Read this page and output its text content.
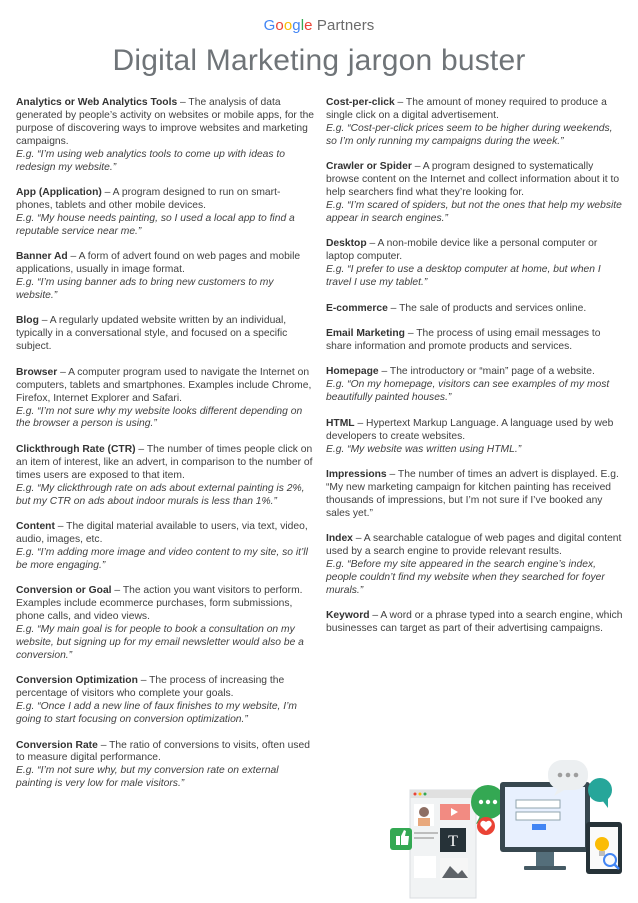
Google Partners
Digital Marketing jargon buster

Analytics or Web Analytics Tools – The analysis of data generated by people’s activity on websites or mobile apps, for the purpose of discovering ways to improve websites and marketing campaigns.
E.g. “I’m using web analytics tools to come up with ideas to redesign my website.”

App (Application) – A program designed to run on smart-phones, tablets and other mobile devices.
E.g. “My house needs painting, so I used a local app to find a reputable service near me.”

Banner Ad – A form of advert found on web pages and mobile applications, usually in image format.
E.g. “I’m using banner ads to bring new customers to my website.”

Blog – A regularly updated website written by an individual, typically in a conversational style, and focused on a specific subject.

Browser – A computer program used to navigate the Internet on computers, tablets and smartphones. Examples include Chrome, Firefox, Internet Explorer and Safari.
E.g. “I’m not sure why my website looks different depending on the browser a person is using.”

Clickthrough Rate (CTR) – The number of times people click on an item of interest, like an advert, in comparison to the number of times users are exposed to that item.
E.g. “My clickthrough rate on ads about external painting is 2%, but my CTR on ads about indoor murals is less than 1%.”

Content – The digital material available to users, via text, video, audio, images, etc.
E.g. “I’m adding more image and video content to my site, so it’ll be more engaging.”

Conversion or Goal – The action you want visitors to perform. Examples include ecommerce purchases, form submissions, phone calls, and video views.
E.g. “My main goal is for people to book a consultation on my website, but signing up for my email newsletter would also be a conversion.”

Conversion Optimization – The process of increasing the percentage of visitors who complete your goals.
E.g. “Once I add a new line of faux finishes to my website, I’m going to start focusing on conversion optimization.”

Conversion Rate – The ratio of conversions to visits, often used to measure digital performance.
E.g. “I’m not sure why, but my conversion rate on external painting is very low for male visitors.”

Cost-per-click – The amount of money required to produce a single click on a digital advertisement.
E.g. “Cost-per-click prices seem to be higher during weekends, so I’m only running my campaigns during the week.”

Crawler or Spider – A program designed to systematically browse content on the Internet and collect information about it to help searchers find what they’re looking for.
E.g. “I’m scared of spiders, but not the ones that help my website appear in search engines.”

Desktop – A non-mobile device like a personal computer or laptop computer.
E.g. “I prefer to use a desktop computer at home, but when I travel I use my tablet.”

E-commerce – The sale of products and services online.

Email Marketing – The process of using email messages to share information and promote products and services.

Homepage – The introductory or “main” page of a website.
E.g. “On my homepage, visitors can see examples of my most beautifully painted houses.”

HTML – Hypertext Markup Language. A language used by web developers to create websites.
E.g. “My website was written using HTML.”

Impressions – The number of times an advert is displayed. E.g. “My new marketing campaign for kitchen painting has received thousands of impressions, but I’m not sure if I’ve booked any sales yet.”

Index – A searchable catalogue of web pages and digital content used by a search engine to provide relevant results.
E.g. “Before my site appeared in the search engine’s index, people couldn’t find my website when they searched for foyer murals.”

Keyword – A word or a phrase typed into a search engine, which businesses can target as part of their advertising campaigns.

T
